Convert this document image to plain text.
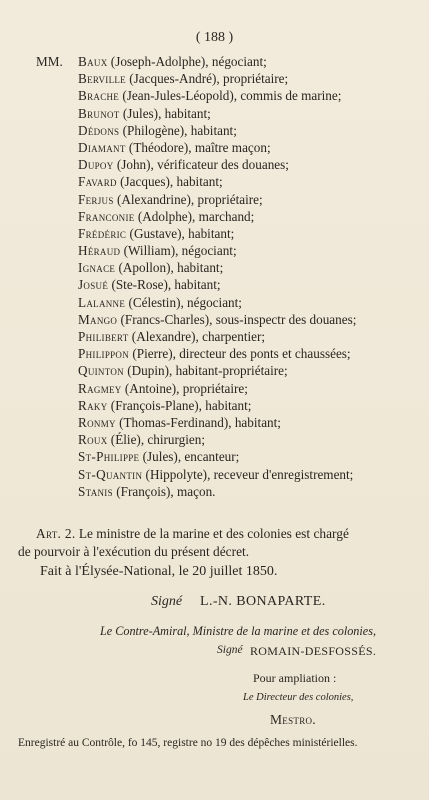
( 188 )
MM. Baux (Joseph-Adolphe), négociant;
Berville (Jacques-André), propriétaire;
Brache (Jean-Jules-Léopold), commis de marine;
Brunot (Jules), habitant;
Dédons (Philogène), habitant;
Diamant (Théodore), maître maçon;
Dupoy (John), vérificateur des douanes;
Favard (Jacques), habitant;
Ferjus (Alexandrine), propriétaire;
Franconie (Adolphe), marchand;
Frédéric (Gustave), habitant;
Héraud (William), négociant;
Ignace (Apollon), habitant;
Josué (Ste-Rose), habitant;
Lalanne (Célestin), négociant;
Mango (Francs-Charles), sous-inspectr des douanes;
Philibert (Alexandre), charpentier;
Philippon (Pierre), directeur des ponts et chaussées;
Quinton (Dupin), habitant-propriétaire;
Ragmey (Antoine), propriétaire;
Raky (François-Plane), habitant;
Ronmy (Thomas-Ferdinand), habitant;
Roux (Élie), chirurgien;
St-Philippe (Jules), encanteur;
St-Quantin (Hippolyte), receveur d'enregistrement;
Stanis (François), maçon.
Art. 2. Le ministre de la marine et des colonies est chargé
de pourvoir à l'exécution du présent décret.
Fait à l'Élysée-National, le 20 juillet 1850.
Signé L.-N. BONAPARTE.
Le Contre-Amiral, Ministre de la marine et des colonies,
Signé ROMAIN-DESFOSSÉS.
Pour ampliation :
Le Directeur des colonies,
Mestro.
Enregistré au Contrôle, fo 145, registre no 19 des dépêches ministérielles.
